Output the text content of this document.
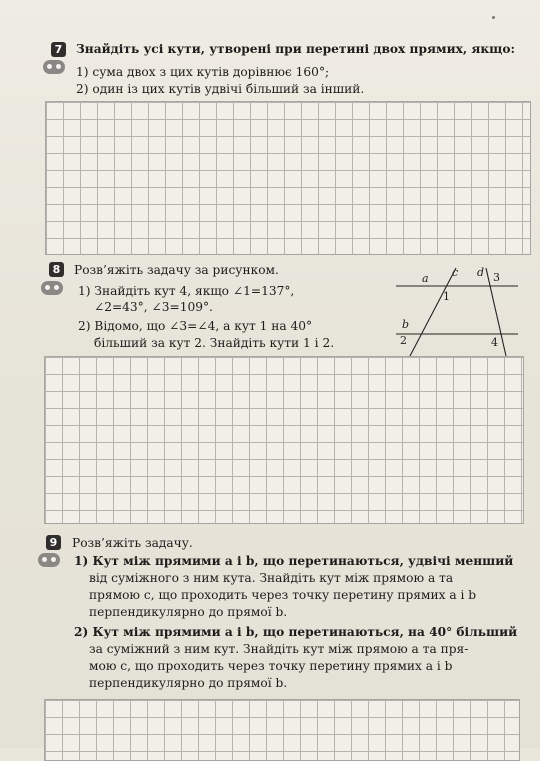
7	Знайдіть усі кути, утворені при перетині двох прямих, якщо:
1) сума двох з цих кутів дорівнює 160°;
2) один із цих кутів удвічі більший за інший.
8	Розв’яжіть задачу за рисунком.
1) Знайдіть кут 4, якщо ∠1=137°,
∠2=43°, ∠3=109°.
2) Відомо, що ∠3=∠4, а кут 1 на 40°
більший за кут 2. Знайдіть кути 1 і 2.
a c d 3
1
b
2	4
9	Розв’яжіть задачу.
1) Кут між прямими a і b, що перетинаються, удвічі менший
від суміжного з ним кута. Знайдіть кут між прямою a та
прямою c, що проходить через точку перетину прямих a і b
перпендикулярно до прямої b.
2) Кут між прямими a і b, що перетинаються, на 40° більший
за суміжний з ним кут. Знайдіть кут між прямою a та пря-
мою c, що проходить через точку перетину прямих a і b
перпендикулярно до прямої b.
